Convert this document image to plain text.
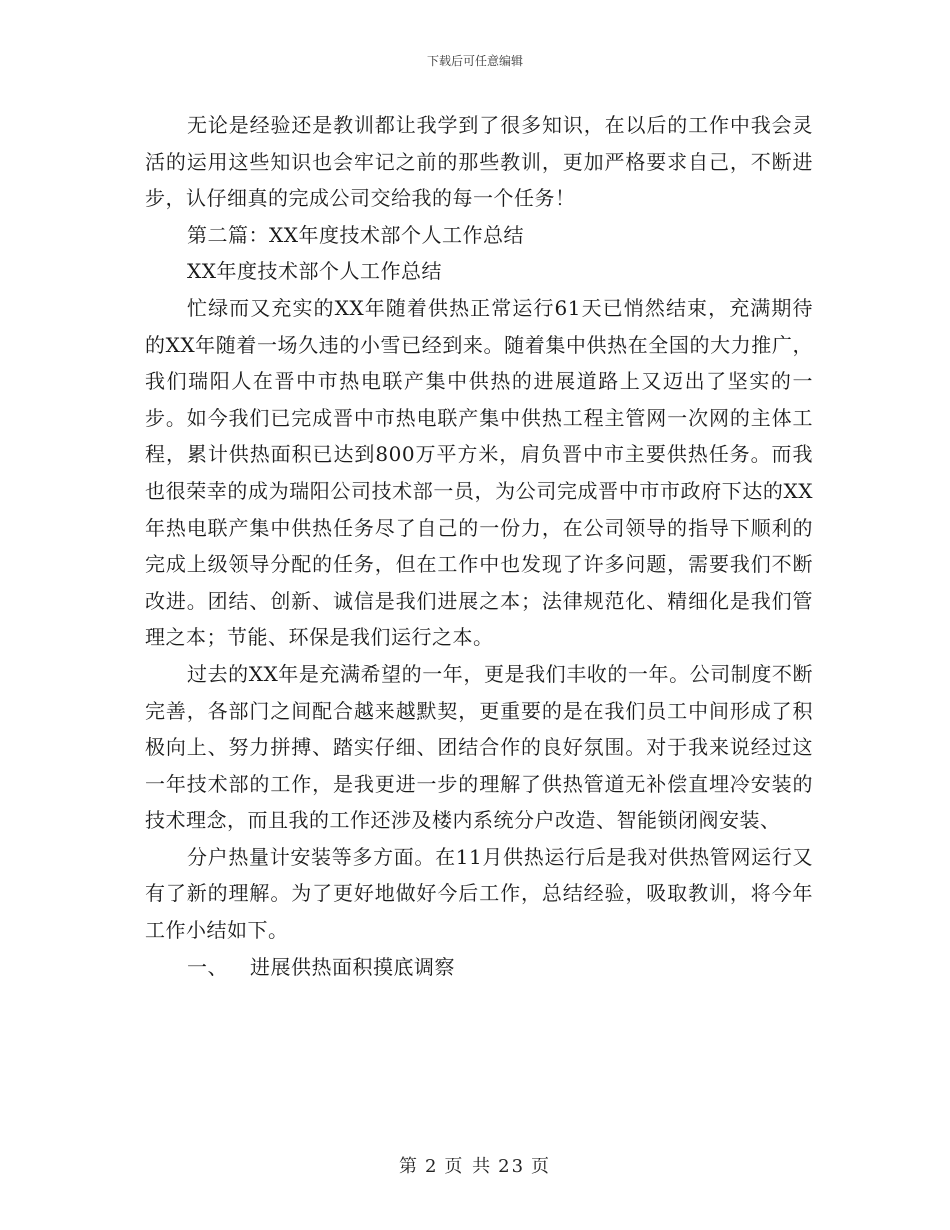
下载后可任意编辑

无论是经验还是教训都让我学到了很多知识，在以后的工作中我会灵活的运用这些知识也会牢记之前的那些教训，更加严格要求自己，不断进步，认仔细真的完成公司交给我的每一个任务！

第二篇：XX年度技术部个人工作总结

XX年度技术部个人工作总结

忙绿而又充实的XX年随着供热正常运行61天已悄然结束，充满期待的XX年随着一场久违的小雪已经到来。随着集中供热在全国的大力推广，我们瑞阳人在晋中市热电联产集中供热的进展道路上又迈出了坚实的一步。如今我们已完成晋中市热电联产集中供热工程主管网一次网的主体工程，累计供热面积已达到800万平方米，肩负晋中市主要供热任务。而我也很荣幸的成为瑞阳公司技术部一员，为公司完成晋中市市政府下达的XX年热电联产集中供热任务尽了自己的一份力，在公司领导的指导下顺利的完成上级领导分配的任务，但在工作中也发现了许多问题，需要我们不断改进。团结、创新、诚信是我们进展之本；法律规范化、精细化是我们管理之本；节能、环保是我们运行之本。

过去的XX年是充满希望的一年，更是我们丰收的一年。公司制度不断完善，各部门之间配合越来越默契，更重要的是在我们员工中间形成了积极向上、努力拼搏、踏实仔细、团结合作的良好氛围。对于我来说经过这一年技术部的工作，是我更进一步的理解了供热管道无补偿直埋冷安装的技术理念，而且我的工作还涉及楼内系统分户改造、智能锁闭阀安装、

分户热量计安装等多方面。在11月供热运行后是我对供热管网运行又有了新的理解。为了更好地做好今后工作，总结经验，吸取教训，将今年工作小结如下。

一、 进展供热面积摸底调察

第 2 页 共 23 页
